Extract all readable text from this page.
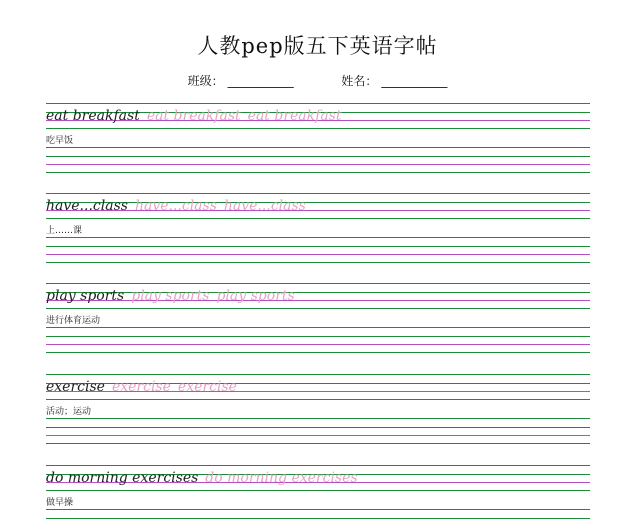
人教pep版五下英语字帖
班级： ___________	姓名： ___________
eat breakfast eat breakfast eat breakfast
吃早饭
have...class have...class have...class
上……课
play sports play sports play sports
进行体育运动
exercise exercise exercise
活动；运动
do morning exercises do morning exercises
做早操
